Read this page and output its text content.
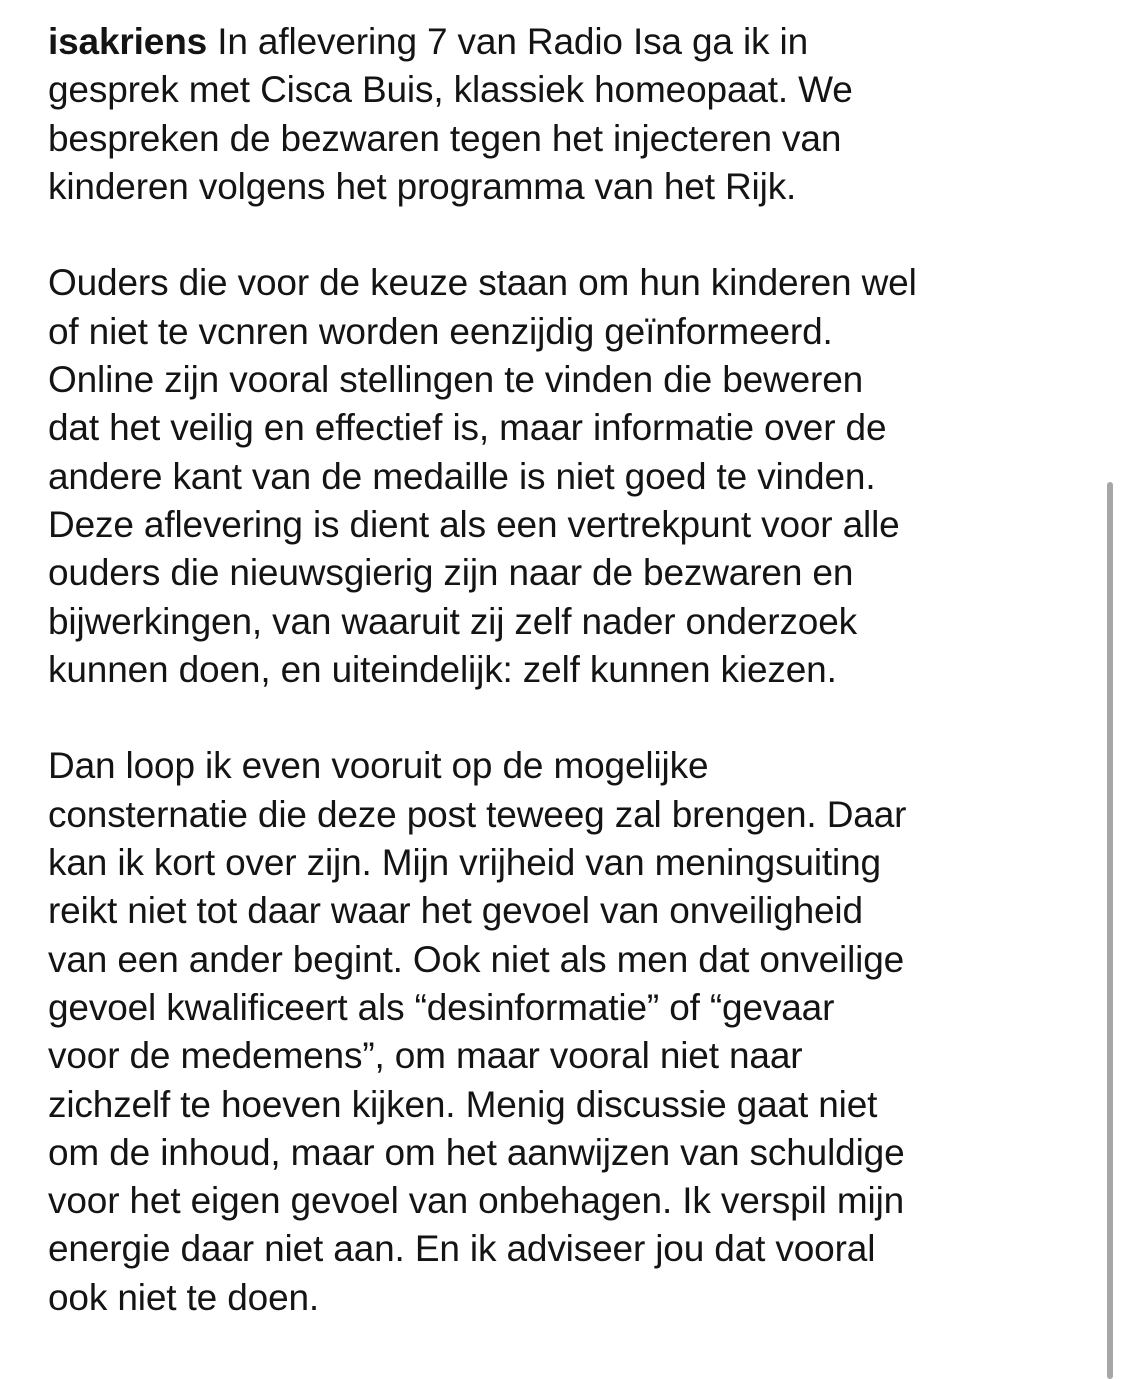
isakriens In aflevering 7 van Radio Isa ga ik in
gesprek met Cisca Buis, klassiek homeopaat. We
bespreken de bezwaren tegen het injecteren van
kinderen volgens het programma van het Rijk.

Ouders die voor de keuze staan om hun kinderen wel
of niet te vcnren worden eenzijdig geïnformeerd.
Online zijn vooral stellingen te vinden die beweren
dat het veilig en effectief is, maar informatie over de
andere kant van de medaille is niet goed te vinden.
Deze aflevering is dient als een vertrekpunt voor alle
ouders die nieuwsgierig zijn naar de bezwaren en
bijwerkingen, van waaruit zij zelf nader onderzoek
kunnen doen, en uiteindelijk: zelf kunnen kiezen.

Dan loop ik even vooruit op de mogelijke
consternatie die deze post teweeg zal brengen. Daar
kan ik kort over zijn. Mijn vrijheid van meningsuiting
reikt niet tot daar waar het gevoel van onveiligheid
van een ander begint. Ook niet als men dat onveilige
gevoel kwalificeert als “desinformatie” of “gevaar
voor de medemens”, om maar vooral niet naar
zichzelf te hoeven kijken. Menig discussie gaat niet
om de inhoud, maar om het aanwijzen van schuldige
voor het eigen gevoel van onbehagen. Ik verspil mijn
energie daar niet aan. En ik adviseer jou dat vooral
ook niet te doen.
